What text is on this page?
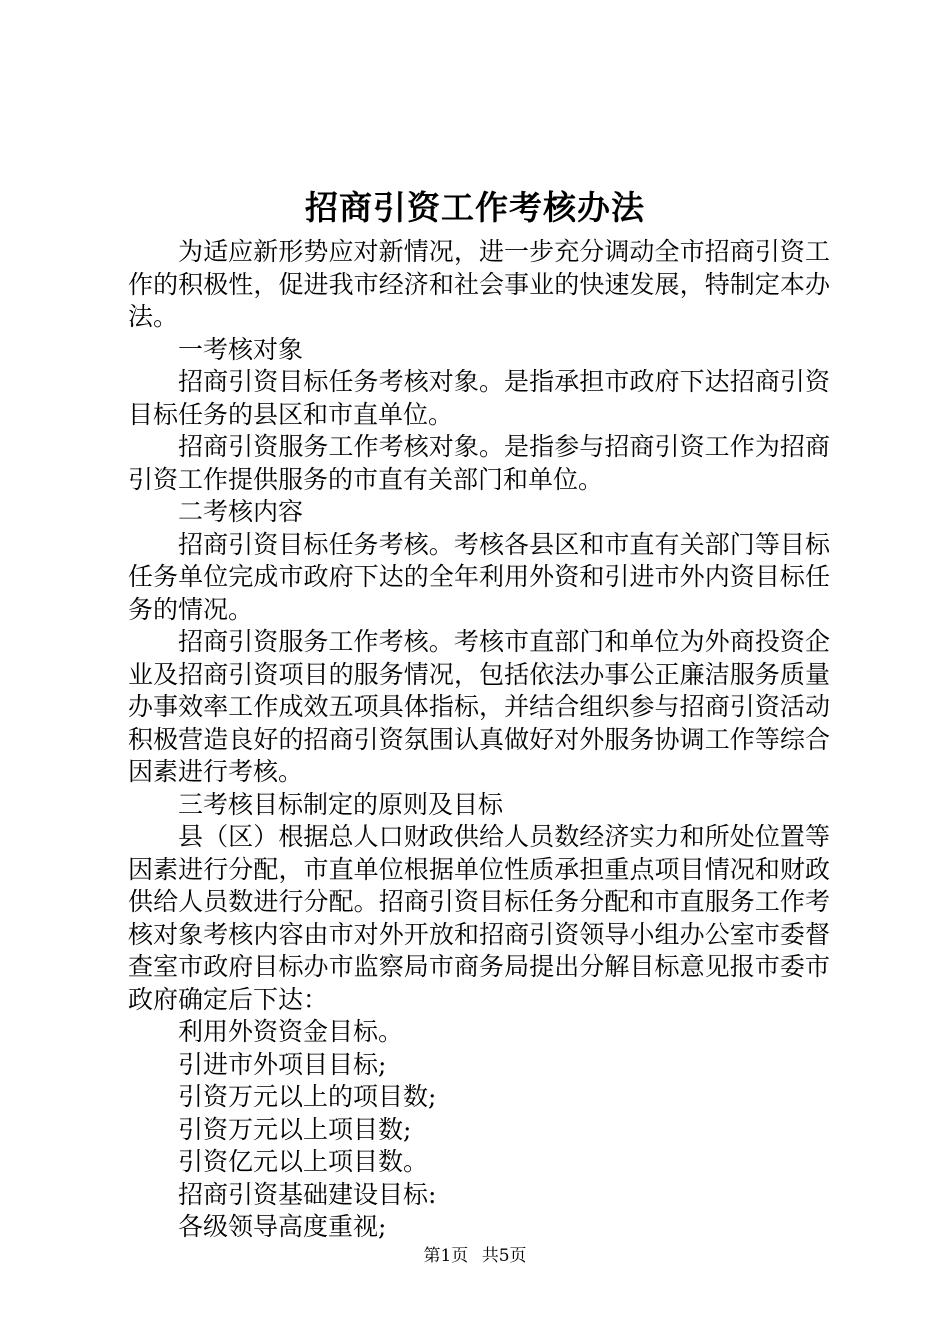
招商引资工作考核办法

为适应新形势应对新情况，进一步充分调动全市招商引资工作的积极性，促进我市经济和社会事业的快速发展，特制定本办法。

一考核对象

招商引资目标任务考核对象。是指承担市政府下达招商引资目标任务的县区和市直单位。

招商引资服务工作考核对象。是指参与招商引资工作为招商引资工作提供服务的市直有关部门和单位。

二考核内容

招商引资目标任务考核。考核各县区和市直有关部门等目标任务单位完成市政府下达的全年利用外资和引进市外内资目标任务的情况。

招商引资服务工作考核。考核市直部门和单位为外商投资企业及招商引资项目的服务情况，包括依法办事公正廉洁服务质量办事效率工作成效五项具体指标，并结合组织参与招商引资活动积极营造良好的招商引资氛围认真做好对外服务协调工作等综合因素进行考核。

三考核目标制定的原则及目标

县（区）根据总人口财政供给人员数经济实力和所处位置等因素进行分配，市直单位根据单位性质承担重点项目情况和财政供给人员数进行分配。招商引资目标任务分配和市直服务工作考核对象考核内容由市对外开放和招商引资领导小组办公室市委督查室市政府目标办市监察局市商务局提出分解目标意见报市委市政府确定后下达：

利用外资资金目标。

引进市外项目目标;

引资万元以上的项目数;

引资万元以上项目数;

引资亿元以上项目数。

招商引资基础建设目标:

各级领导高度重视;

第1页 共5页
